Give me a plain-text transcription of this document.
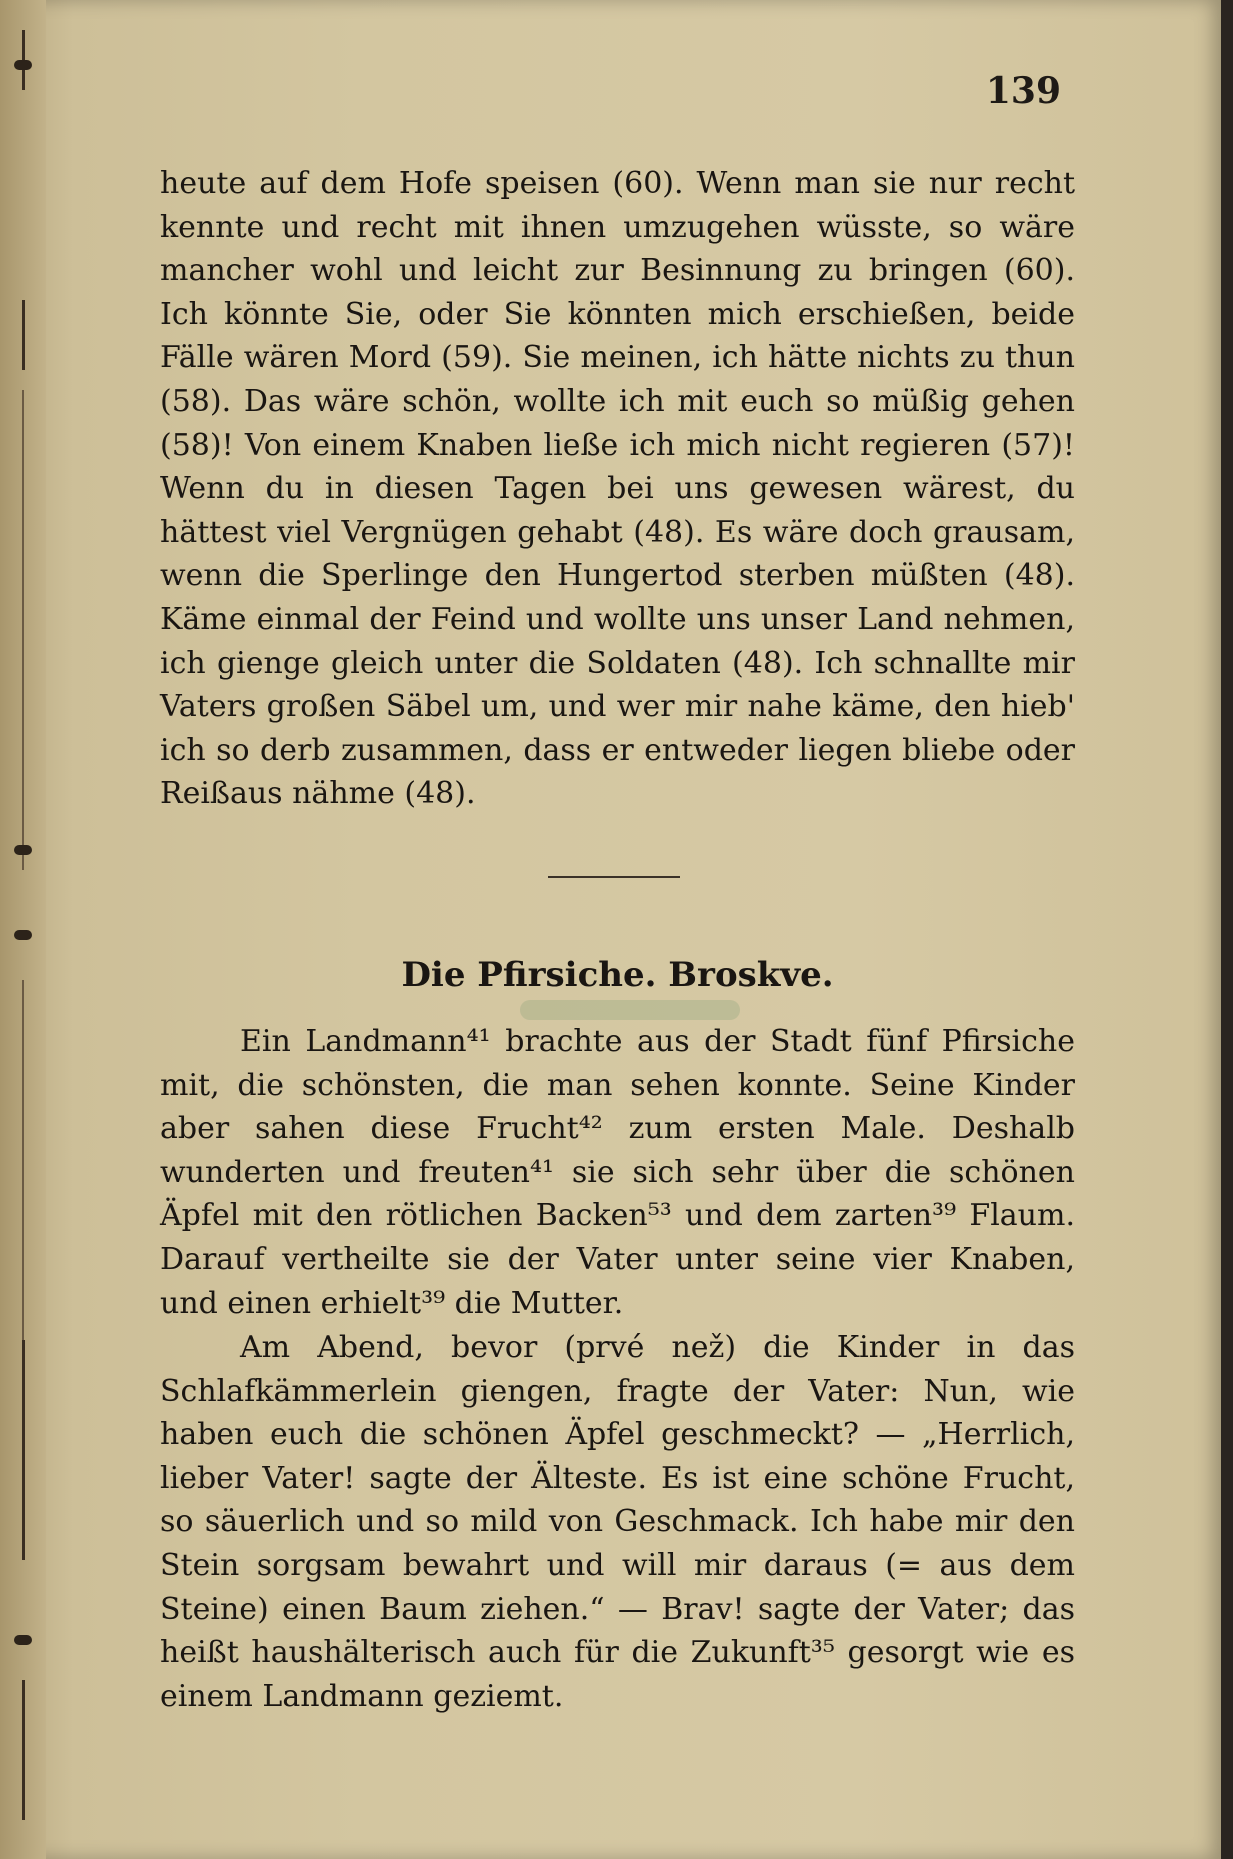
139
heute auf dem Hofe speisen (60). Wenn man sie nur recht kennte und recht mit ihnen umzugehen wüsste, so wäre mancher wohl und leicht zur Besinnung zu bringen (60). Ich könnte Sie, oder Sie könnten mich erschießen, beide Fälle wären Mord (59). Sie meinen, ich hätte nichts zu thun (58). Das wäre schön, wollte ich mit euch so müßig gehen (58)! Von einem Knaben ließe ich mich nicht regieren (57)! Wenn du in diesen Tagen bei uns gewesen wärest, du hättest viel Vergnügen gehabt (48). Es wäre doch grausam, wenn die Sperlinge den Hungertod sterben müßten (48). Käme einmal der Feind und wollte uns unser Land nehmen, ich gienge gleich unter die Soldaten (48). Ich schnallte mir Vaters großen Säbel um, und wer mir nahe käme, den hieb' ich so derb zusammen, dass er entweder liegen bliebe oder Reißaus nähme (48).
Die Pfirsiche. Broskve.
Ein Landmann⁴¹ brachte aus der Stadt fünf Pfirsiche mit, die schönsten, die man sehen konnte. Seine Kinder aber sahen diese Frucht⁴² zum ersten Male. Deshalb wunderten und freuten⁴¹ sie sich sehr über die schönen Äpfel mit den rötlichen Backen⁵³ und dem zarten³⁹ Flaum. Darauf vertheilte sie der Vater unter seine vier Knaben, und einen erhielt³⁹ die Mutter.
Am Abend, bevor (prvé než) die Kinder in das Schlafkämmerlein giengen, fragte der Vater: Nun, wie haben euch die schönen Äpfel geschmeckt? — „Herrlich, lieber Vater! sagte der Älteste. Es ist eine schöne Frucht, so säuerlich und so mild von Geschmack. Ich habe mir den Stein sorgsam bewahrt und will mir daraus (= aus dem Steine) einen Baum ziehen.“ — Brav! sagte der Vater; das heißt haushälterisch auch für die Zukunft³⁵ gesorgt wie es einem Landmann geziemt.
